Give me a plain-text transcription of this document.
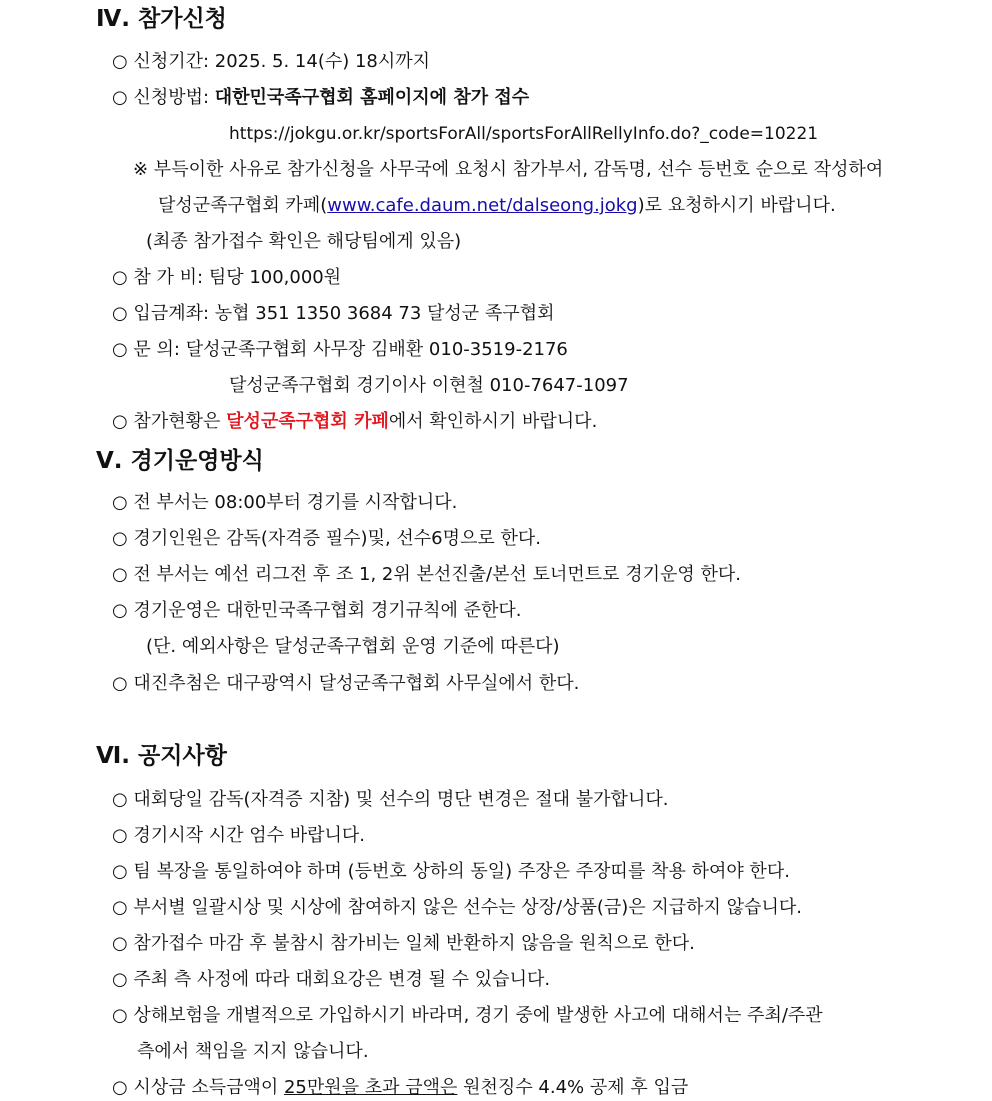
Ⅳ. 참가신청
○ 신청기간: 2025. 5. 14(수) 18시까지
○ 신청방법: 대한민국족구협회 홈페이지에 참가 접수
https://jokgu.or.kr/sportsForAll/sportsForAllRellyInfo.do?_code=10221
※ 부득이한 사유로 참가신청을 사무국에 요청시 참가부서, 감독명, 선수 등번호 순으로 작성하여
달성군족구협회 카페(www.cafe.daum.net/dalseong.jokg)로 요청하시기 바랍니다.
(최종 참가접수 확인은 해당팀에게 있음)
○ 참 가 비: 팀당 100,000원
○ 입금계좌: 농협 351 1350 3684 73 달성군 족구협회
○ 문 의: 달성군족구협회 사무장 김배환 010-3519-2176
달성군족구협회 경기이사 이현철 010-7647-1097
○ 참가현황은 달성군족구협회 카페에서 확인하시기 바랍니다.
Ⅴ. 경기운영방식
○ 전 부서는 08:00부터 경기를 시작합니다.
○ 경기인원은 감독(자격증 필수)및, 선수6명으로 한다.
○ 전 부서는 예선 리그전 후 조 1, 2위 본선진출/본선 토너먼트로 경기운영 한다.
○ 경기운영은 대한민국족구협회 경기규칙에 준한다.
(단. 예외사항은 달성군족구협회 운영 기준에 따른다)
○ 대진추첨은 대구광역시 달성군족구협회 사무실에서 한다.
Ⅵ. 공지사항
○ 대회당일 감독(자격증 지참) 및 선수의 명단 변경은 절대 불가합니다.
○ 경기시작 시간 엄수 바랍니다.
○ 팀 복장을 통일하여야 하며 (등번호 상하의 동일) 주장은 주장띠를 착용 하여야 한다.
○ 부서별 일괄시상 및 시상에 참여하지 않은 선수는 상장/상품(금)은 지급하지 않습니다.
○ 참가접수 마감 후 불참시 참가비는 일체 반환하지 않음을 원칙으로 한다.
○ 주최 측 사정에 따라 대회요강은 변경 될 수 있습니다.
○ 상해보험을 개별적으로 가입하시기 바라며, 경기 중에 발생한 사고에 대해서는 주최/주관
측에서 책임을 지지 않습니다.
○ 시상금 소득금액이 25만원을 초과 금액은 원천징수 4.4% 공제 후 입금
